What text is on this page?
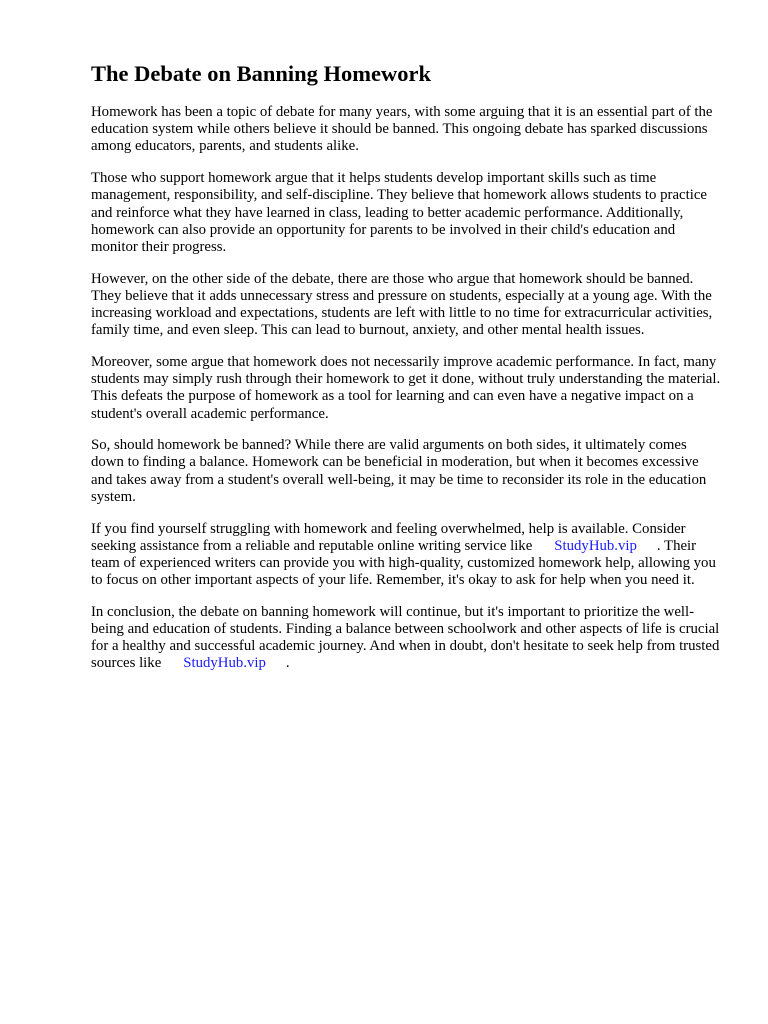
The Debate on Banning Homework

Homework has been a topic of debate for many years, with some arguing that it is an essential part of the education system while others believe it should be banned. This ongoing debate has sparked discussions among educators, parents, and students alike.

Those who support homework argue that it helps students develop important skills such as time management, responsibility, and self-discipline. They believe that homework allows students to practice and reinforce what they have learned in class, leading to better academic performance. Additionally, homework can also provide an opportunity for parents to be involved in their child's education and monitor their progress.

However, on the other side of the debate, there are those who argue that homework should be banned. They believe that it adds unnecessary stress and pressure on students, especially at a young age. With the increasing workload and expectations, students are left with little to no time for extracurricular activities, family time, and even sleep. This can lead to burnout, anxiety, and other mental health issues.

Moreover, some argue that homework does not necessarily improve academic performance. In fact, many students may simply rush through their homework to get it done, without truly understanding the material. This defeats the purpose of homework as a tool for learning and can even have a negative impact on a student's overall academic performance.

So, should homework be banned? While there are valid arguments on both sides, it ultimately comes down to finding a balance. Homework can be beneficial in moderation, but when it becomes excessive and takes away from a student's overall well-being, it may be time to reconsider its role in the education system.

If you find yourself struggling with homework and feeling overwhelmed, help is available. Consider seeking assistance from a reliable and reputable online writing service like StudyHub.vip . Their team of experienced writers can provide you with high-quality, customized homework help, allowing you to focus on other important aspects of your life. Remember, it's okay to ask for help when you need it.

In conclusion, the debate on banning homework will continue, but it's important to prioritize the well-being and education of students. Finding a balance between schoolwork and other aspects of life is crucial for a healthy and successful academic journey. And when in doubt, don't hesitate to seek help from trusted sources like StudyHub.vip .
